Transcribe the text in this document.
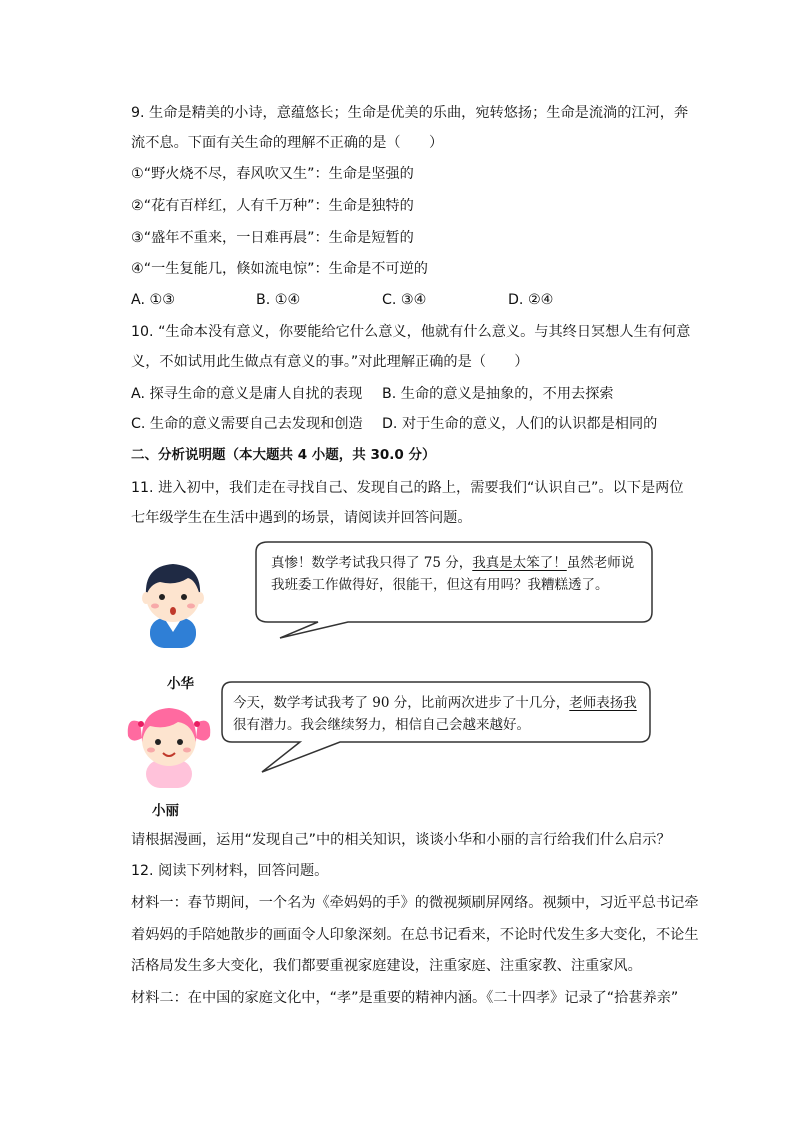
9. 生命是精美的小诗，意蕴悠长；生命是优美的乐曲，宛转悠扬；生命是流淌的江河，奔
流不息。下面有关生命的理解不正确的是（　　）
①“野火烧不尽，春风吹又生”：生命是坚强的
②“花有百样红，人有千万种”：生命是独特的
③“盛年不重来，一日难再晨”：生命是短暂的
④“一生复能几，倏如流电惊”：生命是不可逆的
A. ①③	B. ①④	C. ③④	D. ②④
10. “生命本没有意义，你要能给它什么意义，他就有什么意义。与其终日冥想人生有何意
义，不如试用此生做点有意义的事。”对此理解正确的是（　　）
A. 探寻生命的意义是庸人自扰的表现 B. 生命的意义是抽象的，不用去探索
C. 生命的意义需要自己去发现和创造 D. 对于生命的意义，人们的认识都是相同的
二、分析说明题（本大题共 4 小题，共 30.0 分）
11. 进入初中，我们走在寻找自己、发现自己的路上，需要我们“认识自己”。以下是两位
七年级学生在生活中遇到的场景，请阅读并回答问题。
真惨！数学考试我只得了 75 分，我真是太笨了！虽然老师说
我班委工作做得好，很能干，但这有用吗？我糟糕透了。
小华
今天，数学考试我考了 90 分，比前两次进步了十几分，老师表扬我
很有潜力。我会继续努力，相信自己会越来越好。
小丽
请根据漫画，运用“发现自己”中的相关知识，谈谈小华和小丽的言行给我们什么启示？
12. 阅读下列材料，回答问题。
材料一：春节期间，一个名为《牵妈妈的手》的微视频刷屏网络。视频中，习近平总书记牵
着妈妈的手陪她散步的画面令人印象深刻。在总书记看来，不论时代发生多大变化，不论生
活格局发生多大变化，我们都要重视家庭建设，注重家庭、注重家教、注重家风。
材料二：在中国的家庭文化中，“孝”是重要的精神内涵。《二十四孝》记录了“拾葚养亲”
